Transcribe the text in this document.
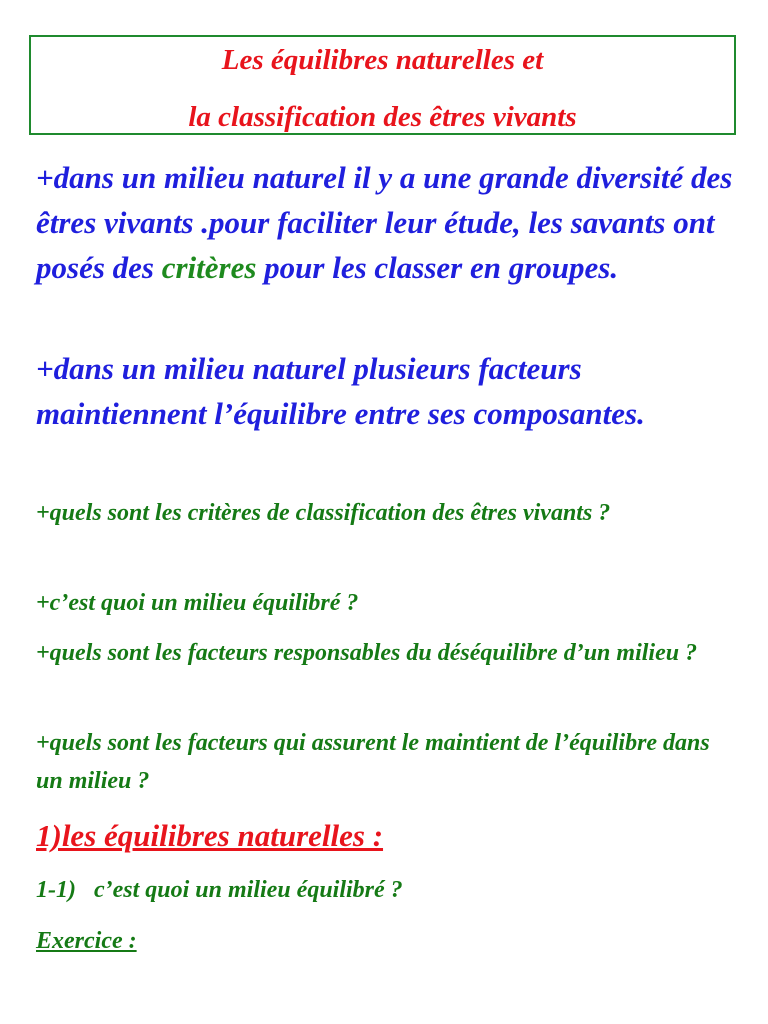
Les équilibres naturelles et
la classification des êtres vivants
+dans un milieu naturel il y a une grande diversité des êtres vivants .pour faciliter leur étude, les savants ont posés des critères pour les classer en groupes.
+dans un milieu naturel plusieurs facteurs maintiennent l’équilibre entre ses composantes.
+quels sont les critères de classification des êtres vivants ?
+c’est quoi un milieu équilibré ?
+quels sont les facteurs responsables du déséquilibre d’un milieu ?
+quels sont les facteurs qui assurent le maintient de l’équilibre dans un milieu ?
1)les équilibres naturelles :
1-1) c’est quoi un milieu équilibré ?
Exercice :
